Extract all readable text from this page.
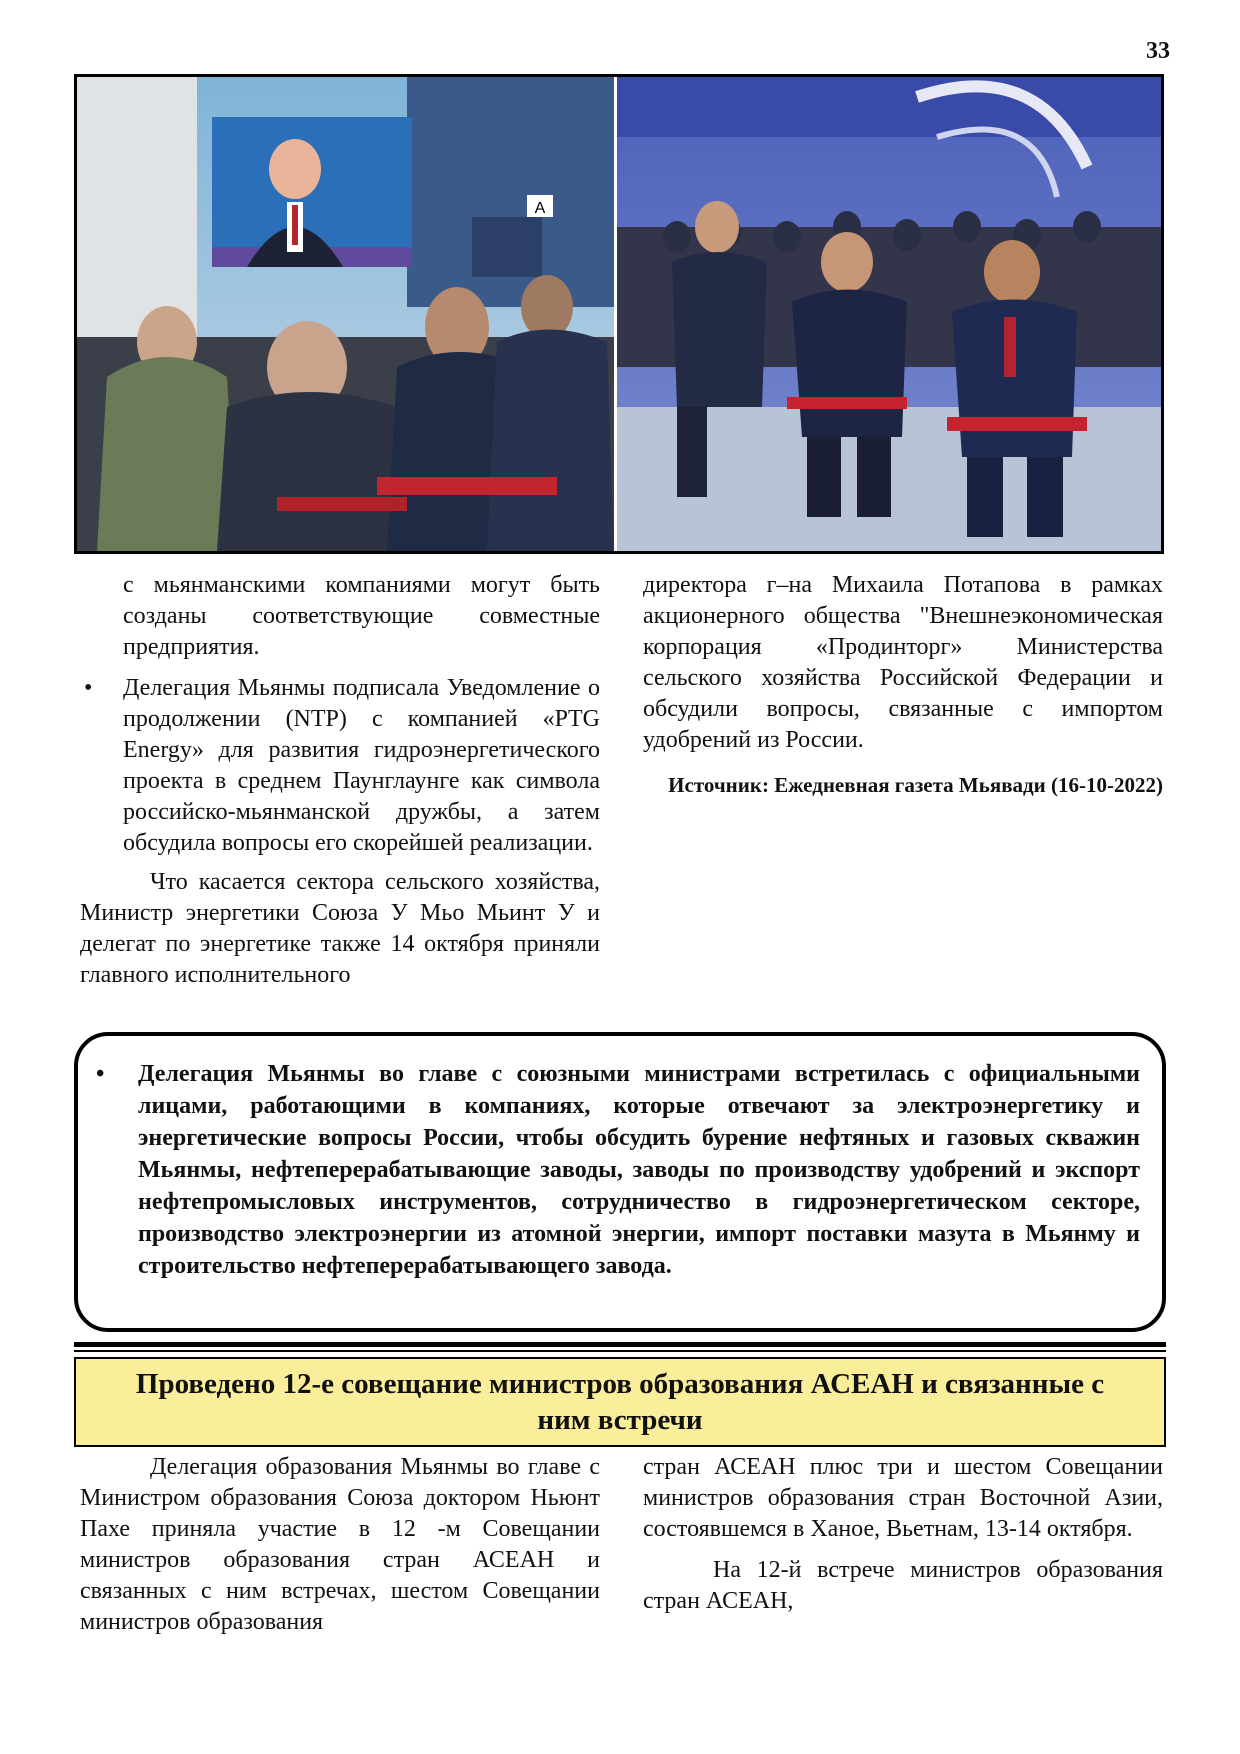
33
A

с мьянманскими компаниями могут быть созданы соответствующие совместные предприятия.

• Делегация Мьянмы подписала Уведомление о продолжении (NTP) с компанией «PTG Energy» для развития гидроэнергетического проекта в среднем Паунглаунге как символа российско-мьянманской дружбы, а затем обсудила вопросы его скорейшей реализации.

Что касается сектора сельского хозяйства, Министр энергетики Союза У Мьо Мьинт У и делегат по энергетике также 14 октября приняли главного исполнительного

директора г–на Михаила Потапова в рамках акционерного общества "Внешнеэкономическая корпорация «Продинторг» Министерства сельского хозяйства Российской Федерации и обсудили вопросы, связанные с импортом удобрений из России.

Источник: Ежедневная газета Мьявади (16-10-2022)

• Делегация Мьянмы во главе с союзными министрами встретилась с официальными лицами, работающими в компаниях, которые отвечают за электроэнергетику и энергетические вопросы России, чтобы обсудить бурение нефтяных и газовых скважин Мьянмы, нефтеперерабатывающие заводы, заводы по производству удобрений и экспорт нефтепромысловых инструментов, сотрудничество в гидроэнергетическом секторе, производство электроэнергии из атомной энергии, импорт поставки мазута в Мьянму и строительство нефтеперерабатывающего завода.
Проведено 12-е совещание министров образования АСЕАН и связанные с ним встречи

Делегация образования Мьянмы во главе с Министром образования Союза доктором Ньюнт Пахе приняла участие в 12 -м Совещании министров образования стран АСЕАН и связанных с ним встречах, шестом Совещании министров образования

стран АСЕАН плюс три и шестом Совещании министров образования стран Восточной Азии, состоявшемся в Ханое, Вьетнам, 13-14 октября.

На 12-й встрече министров образования стран АСЕАН,
